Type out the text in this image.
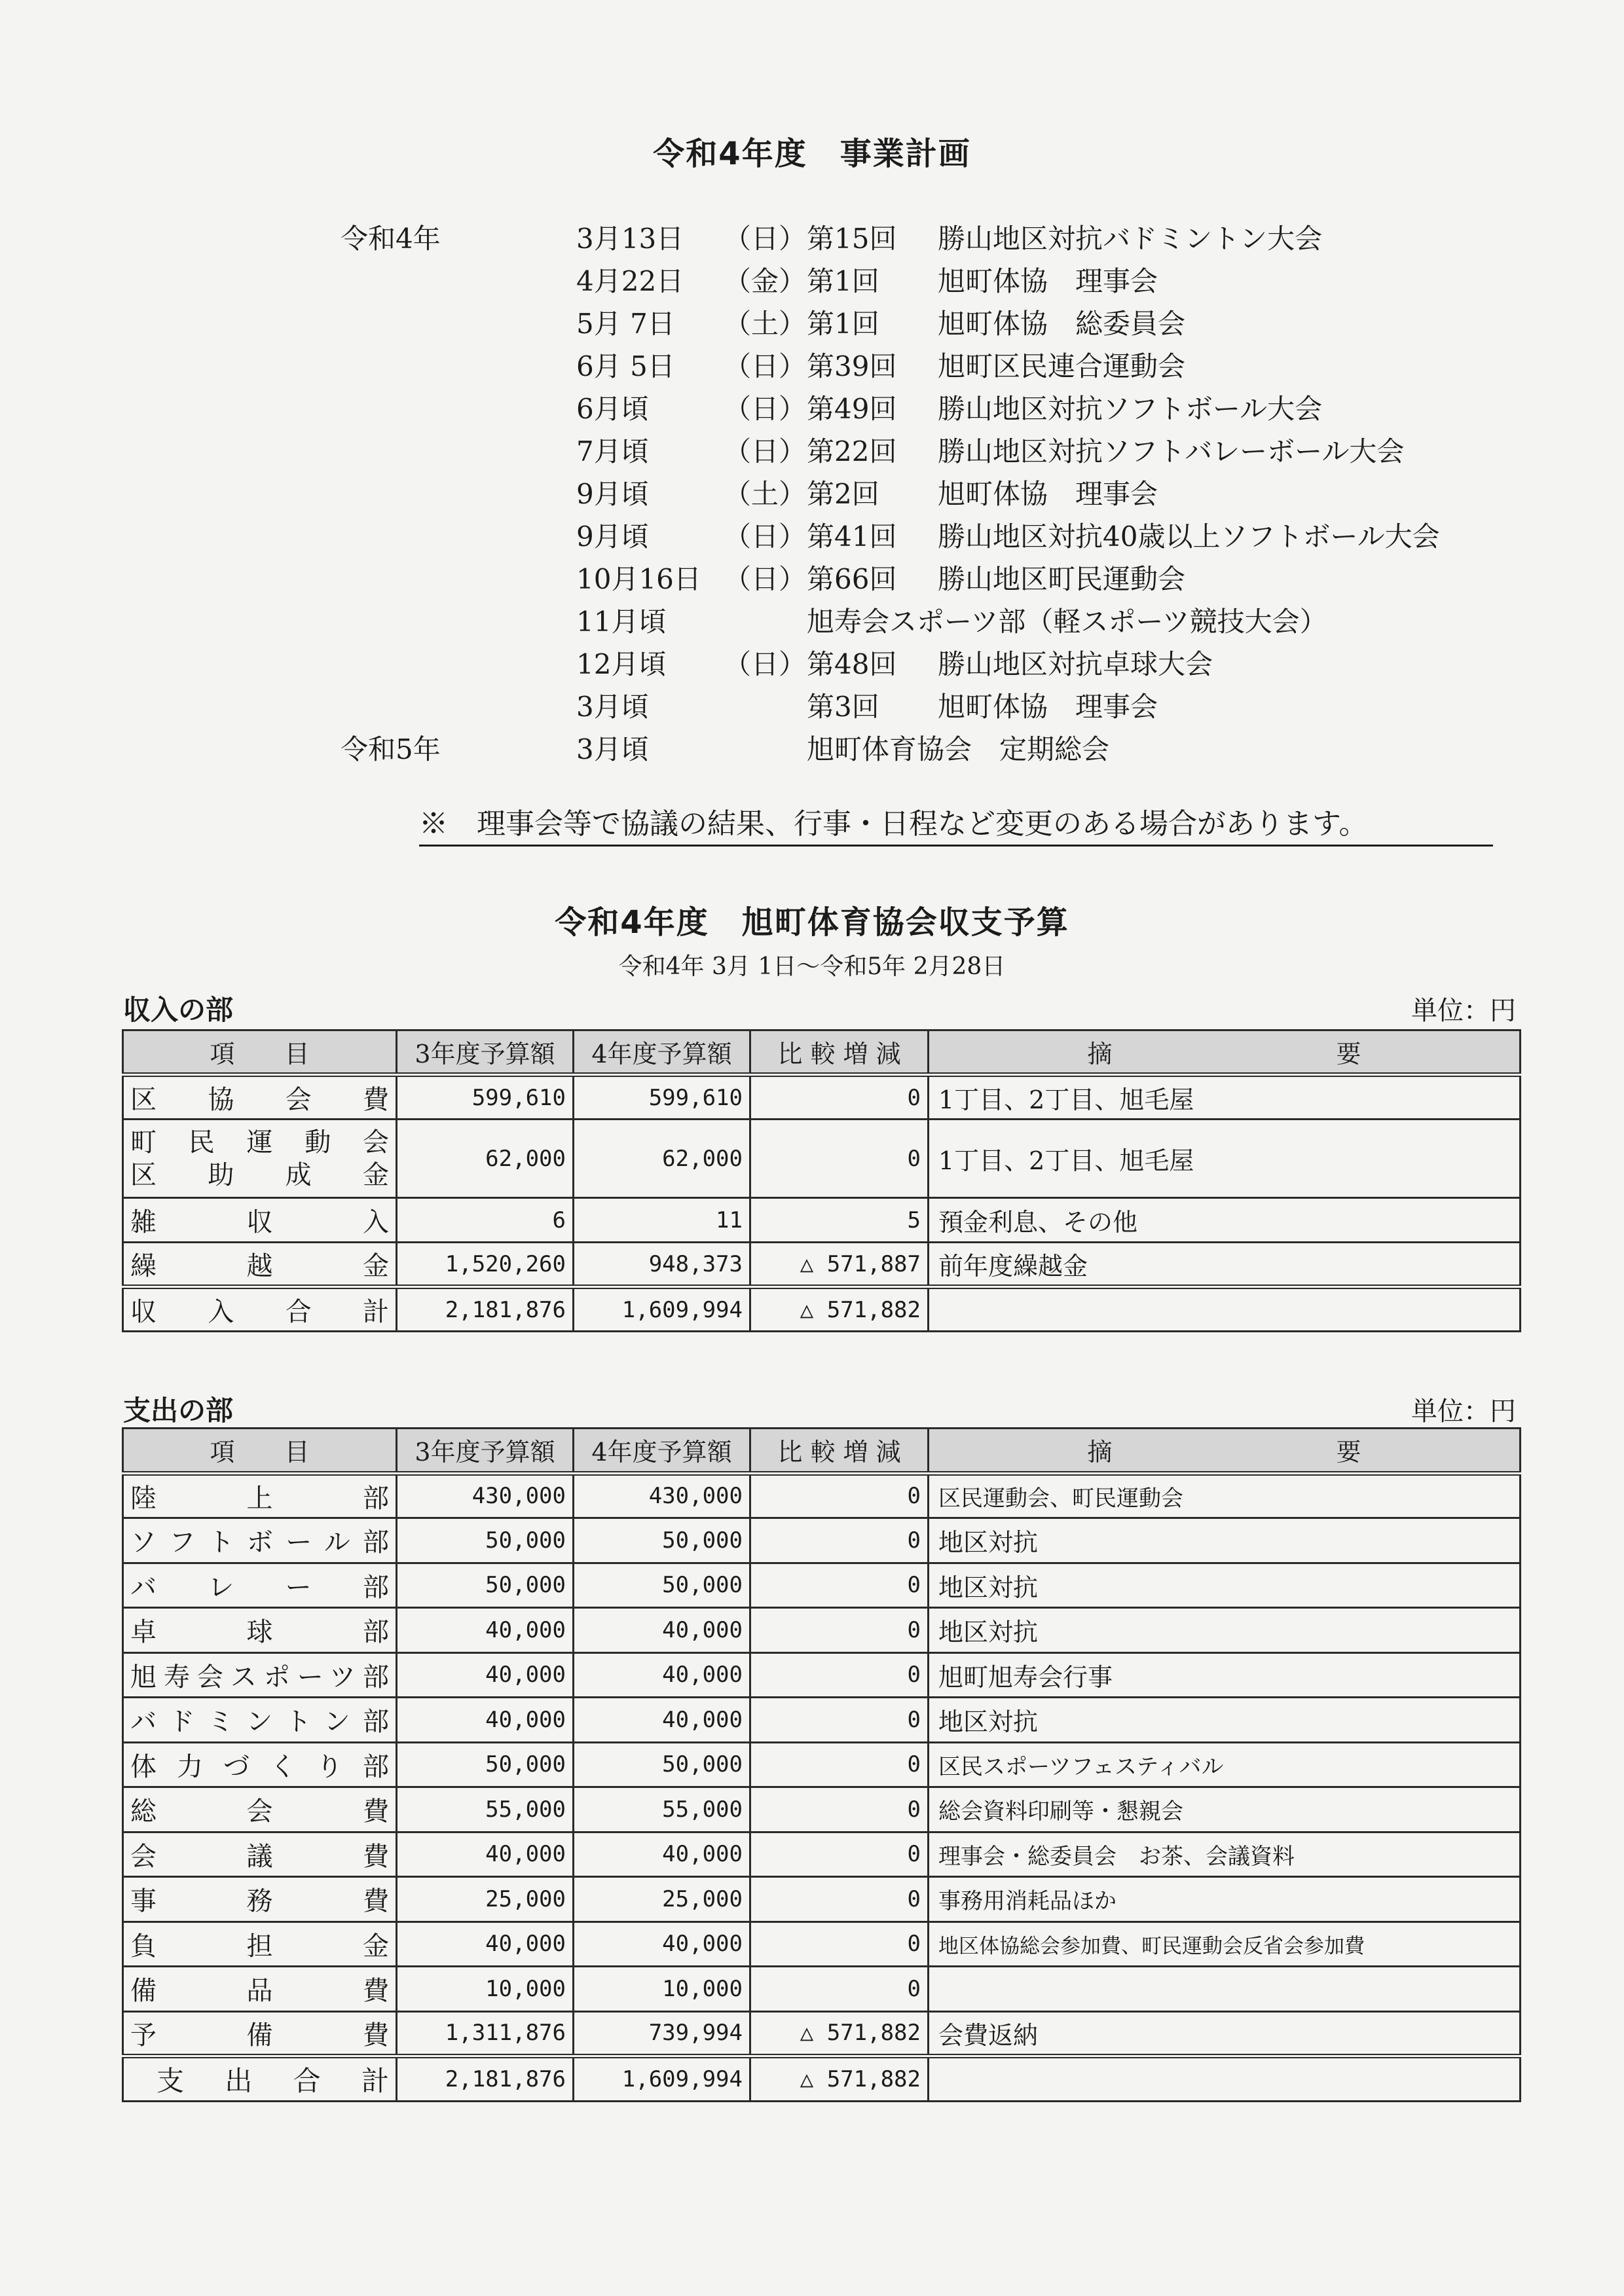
令和4年度　事業計画
令和4年	3月13日 （日） 第15回 勝山地区対抗バドミントン大会
4月22日 （金） 第1回 旭町体協　理事会
5月 7日 （土） 第1回 旭町体協　総委員会
6月 5日 （日） 第39回 旭町区民連合運動会
6月頃	（日） 第49回 勝山地区対抗ソフトボール大会
7月頃	（日） 第22回 勝山地区対抗ソフトバレーボール大会
9月頃	（土） 第2回 旭町体協　理事会
9月頃	（日） 第41回 勝山地区対抗40歳以上ソフトボール大会
10月16日 （日） 第66回 勝山地区町民運動会
11月頃	旭寿会スポーツ部（軽スポーツ競技大会）
12月頃 （日） 第48回 勝山地区対抗卓球大会
3月頃	第3回 旭町体協　理事会
令和5年	3月頃	旭町体育協会　定期総会
※　理事会等で協議の結果、行事・日程など変更のある場合があります。
令和4年度　旭町体育協会収支予算
令和4年 3月 1日～令和5年 2月28日
収入の部	単位：円
項　　目	3年度予算額	4年度予算額	比 較 増 減	摘　　　　　　　　　要
区協会費	599,610	599,610	0	1丁目、2丁目、旭毛屋

町民運動会
区助成金	62,000	62,000	0	1丁目、2丁目、旭毛屋
雑収入	6	11	5	預金利息、その他
繰越金	1,520,260	948,373	△ 571,887	前年度繰越金
収入合計	2,181,876	1,609,994	△ 571,882	
支出の部	単位：円
項　　目	3年度予算額	4年度予算額	比 較 増 減	摘　　　　　　　　　要
陸上部	430,000	430,000	0	区民運動会、町民運動会
ソフトボール部	50,000	50,000	0	地区対抗
バレー部	50,000	50,000	0	地区対抗
卓球部	40,000	40,000	0	地区対抗
旭寿会スポーツ部	40,000	40,000	0	旭町旭寿会行事
バドミントン部	40,000	40,000	0	地区対抗
体力づくり部	50,000	50,000	0	区民スポーツフェスティバル
総会費	55,000	55,000	0	総会資料印刷等・懇親会
会議費	40,000	40,000	0	理事会・総委員会　お茶、会議資料
事務費	25,000	25,000	0	事務用消耗品ほか
負担金	40,000	40,000	0	地区体協総会参加費、町民運動会反省会参加費
備品費	10,000	10,000	0	
予備費	1,311,876	739,994	△ 571,882	会費返納
支出合計	2,181,876	1,609,994	△ 571,882	
